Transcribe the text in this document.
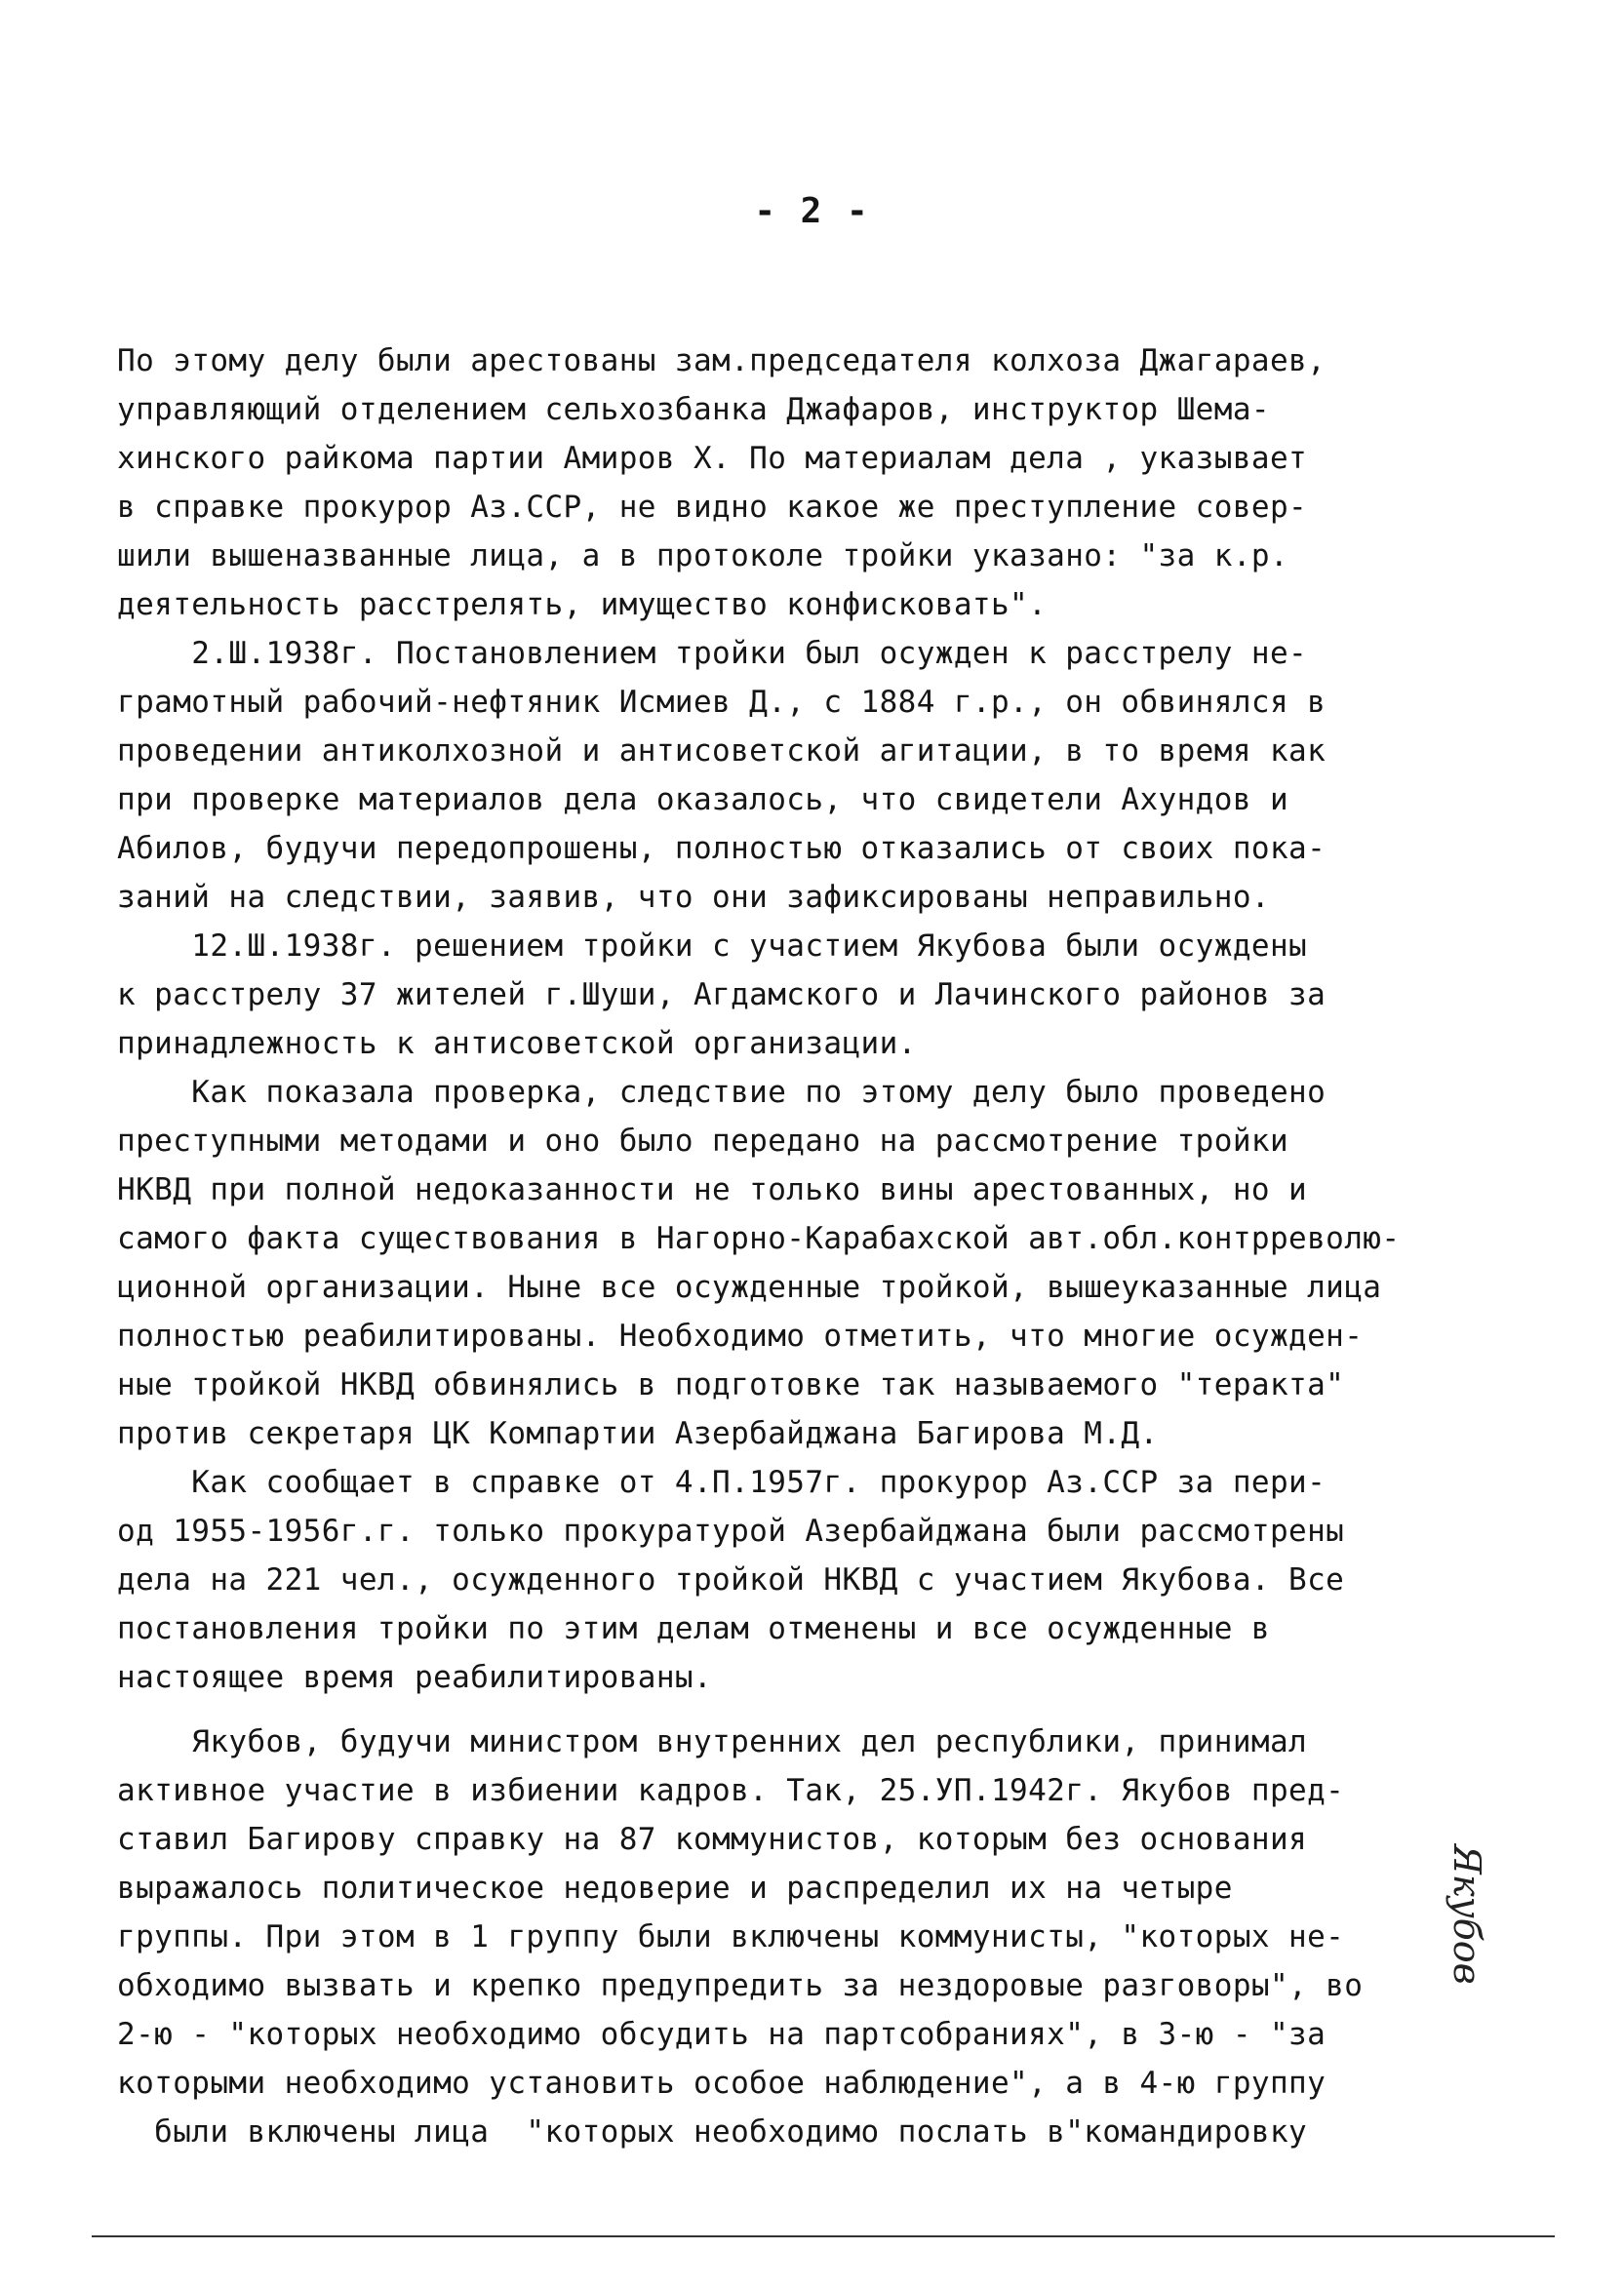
- 2 -
По этому делу были арестованы зам.председателя колхоза Джагараев,
управляющий отделением сельхозбанка Джафаров, инструктор Шема-
хинского райкома партии Амиров Х. По материалам дела , указывает
в справке прокурор Аз.ССР, не видно какое же преступление совер-
шили вышеназванные лица, а в протоколе тройки указано: "за к.р.
деятельность расстрелять, имущество конфисковать".
2.Ш.1938г. Постановлением тройки был осужден к расстрелу не-
грамотный рабочий-нефтяник Исмиев Д., с 1884 г.р., он обвинялся в
проведении антиколхозной и антисоветской агитации, в то время как
при проверке материалов дела оказалось, что свидетели Ахундов и
Абилов, будучи передопрошены, полностью отказались от своих пока-
заний на следствии, заявив, что они зафиксированы неправильно.
12.Ш.1938г. решением тройки с участием Якубова были осуждены
к расстрелу 37 жителей г.Шуши, Агдамского и Лачинского районов за
принадлежность к антисоветской организации.
Как показала проверка, следствие по этому делу было проведено
преступными методами и оно было передано на рассмотрение тройки
НКВД при полной недоказанности не только вины арестованных, но и
самого факта существования в Нагорно-Карабахской авт.обл.контрреволю-
ционной организации. Ныне все осужденные тройкой, вышеуказанные лица
полностью реабилитированы. Необходимо отметить, что многие осужден-
ные тройкой НКВД обвинялись в подготовке так называемого "теракта"
против секретаря ЦК Компартии Азербайджана Багирова М.Д.
Как сообщает в справке от 4.П.1957г. прокурор Аз.ССР за пери-
од 1955-1956г.г. только прокуратурой Азербайджана были рассмотрены
дела на 221 чел., осужденного тройкой НКВД с участием Якубова. Все
постановления тройки по этим делам отменены и все осужденные в
настоящее время реабилитированы.
Якубов, будучи министром внутренних дел республики, принимал
активное участие в избиении кадров. Так, 25.УП.1942г. Якубов пред-
ставил Багирову справку на 87 коммунистов, которым без основания
выражалось политическое недоверие и распределил их на четыре
группы. При этом в 1 группу были включены коммунисты, "которых не-
обходимо вызвать и крепко предупредить за нездоровые разговоры", во
2-ю - "которых необходимо обсудить на партсобраниях", в 3-ю - "за
которыми необходимо установить особое наблюдение", а в 4-ю группу
были включены лица  "которых необходимо послать в"командировку
Якубов
